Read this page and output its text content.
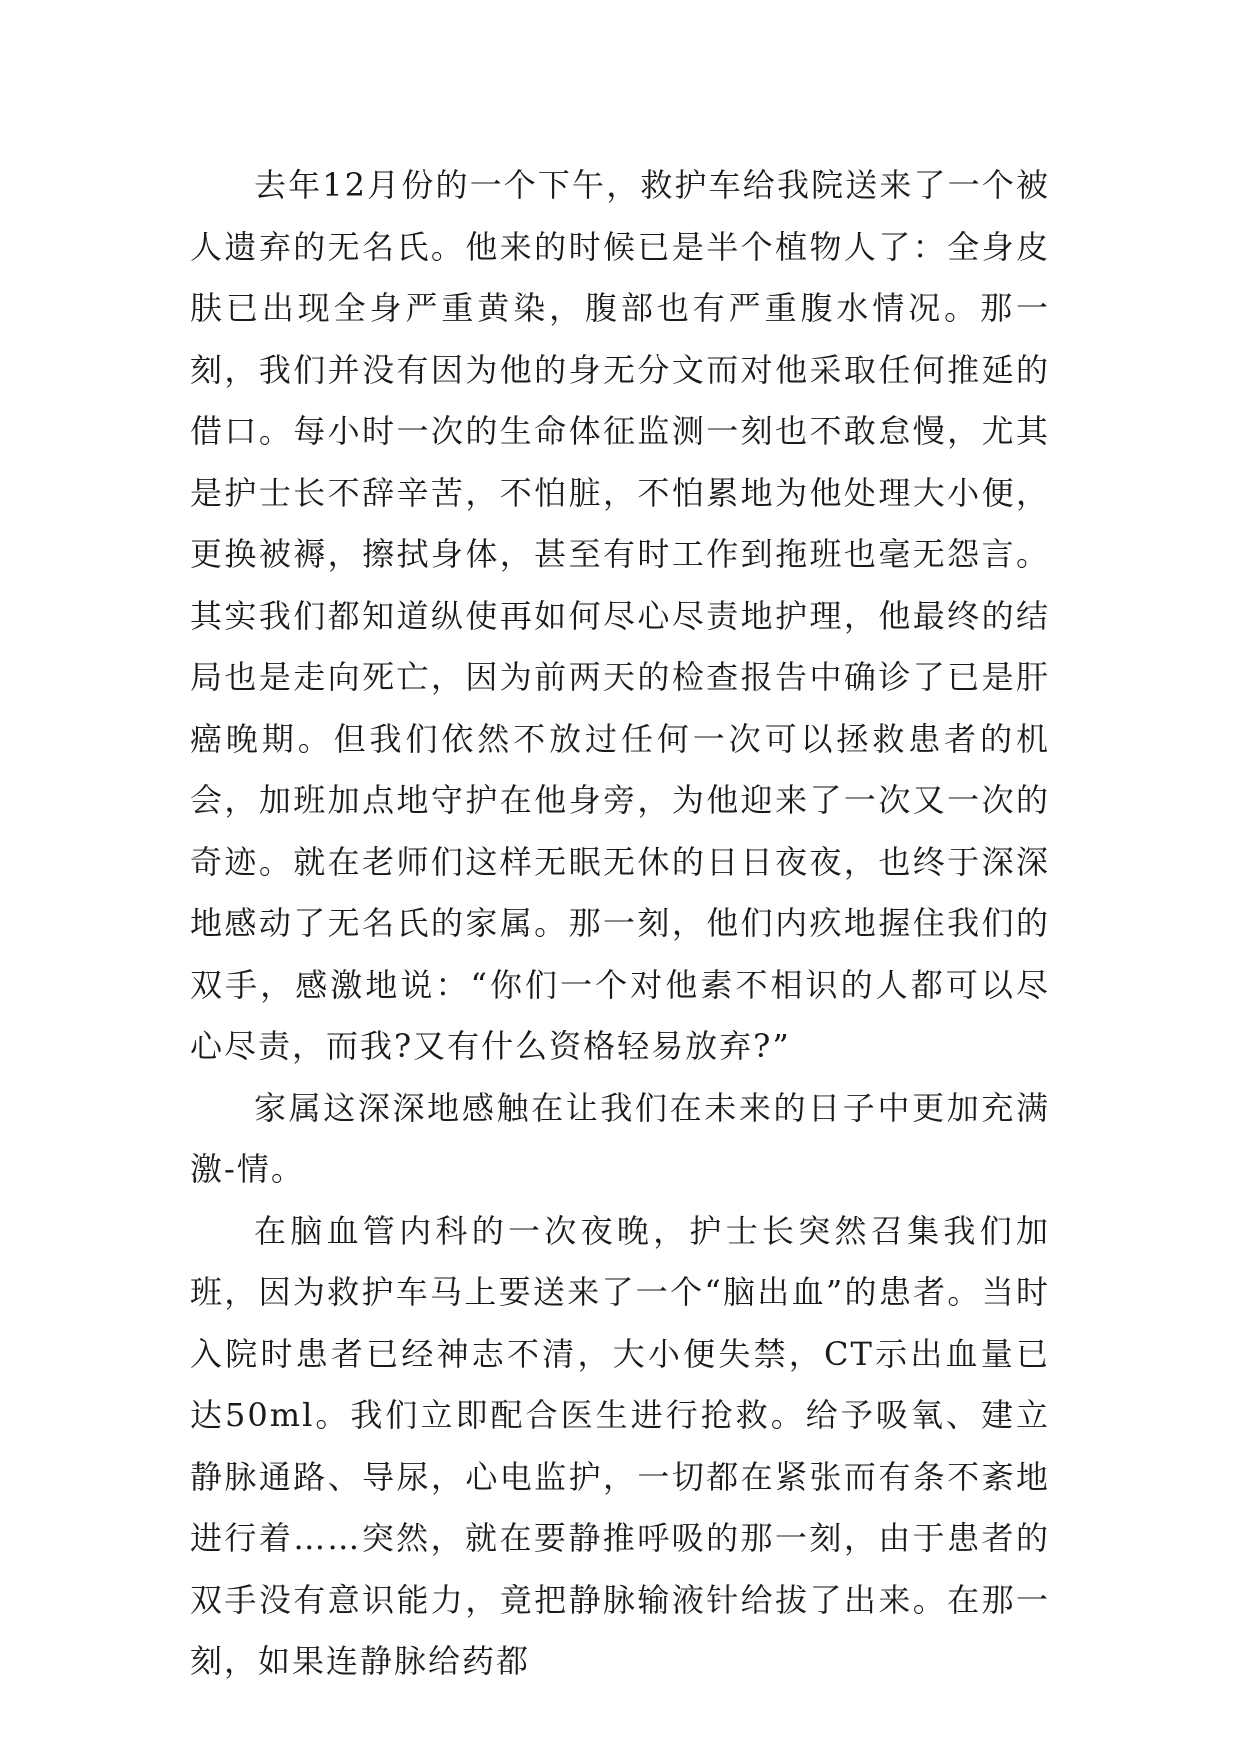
去年12月份的一个下午，救护车给我院送来了一个被人遗弃的无名氏。他来的时候已是半个植物人了：全身皮肤已出现全身严重黄染，腹部也有严重腹水情况。那一刻，我们并没有因为他的身无分文而对他采取任何推延的借口。每小时一次的生命体征监测一刻也不敢怠慢，尤其是护士长不辞辛苦，不怕脏，不怕累地为他处理大小便，更换被褥，擦拭身体，甚至有时工作到拖班也毫无怨言。其实我们都知道纵使再如何尽心尽责地护理，他最终的结局也是走向死亡，因为前两天的检查报告中确诊了已是肝癌晚期。但我们依然不放过任何一次可以拯救患者的机会，加班加点地守护在他身旁，为他迎来了一次又一次的奇迹。就在老师们这样无眠无休的日日夜夜，也终于深深地感动了无名氏的家属。那一刻，他们内疚地握住我们的双手，感激地说：“你们一个对他素不相识的人都可以尽心尽责，而我?又有什么资格轻易放弃?”

家属这深深地感触在让我们在未来的日子中更加充满激-情。

在脑血管内科的一次夜晚，护士长突然召集我们加班，因为救护车马上要送来了一个“脑出血”的患者。当时入院时患者已经神志不清，大小便失禁，CT示出血量已达50ml。我们立即配合医生进行抢救。给予吸氧、建立静脉通路、导尿，心电监护，一切都在紧张而有条不紊地进行着……突然，就在要静推呼吸的那一刻，由于患者的双手没有意识能力，竟把静脉输液针给拔了出来。在那一刻，如果连静脉给药都
